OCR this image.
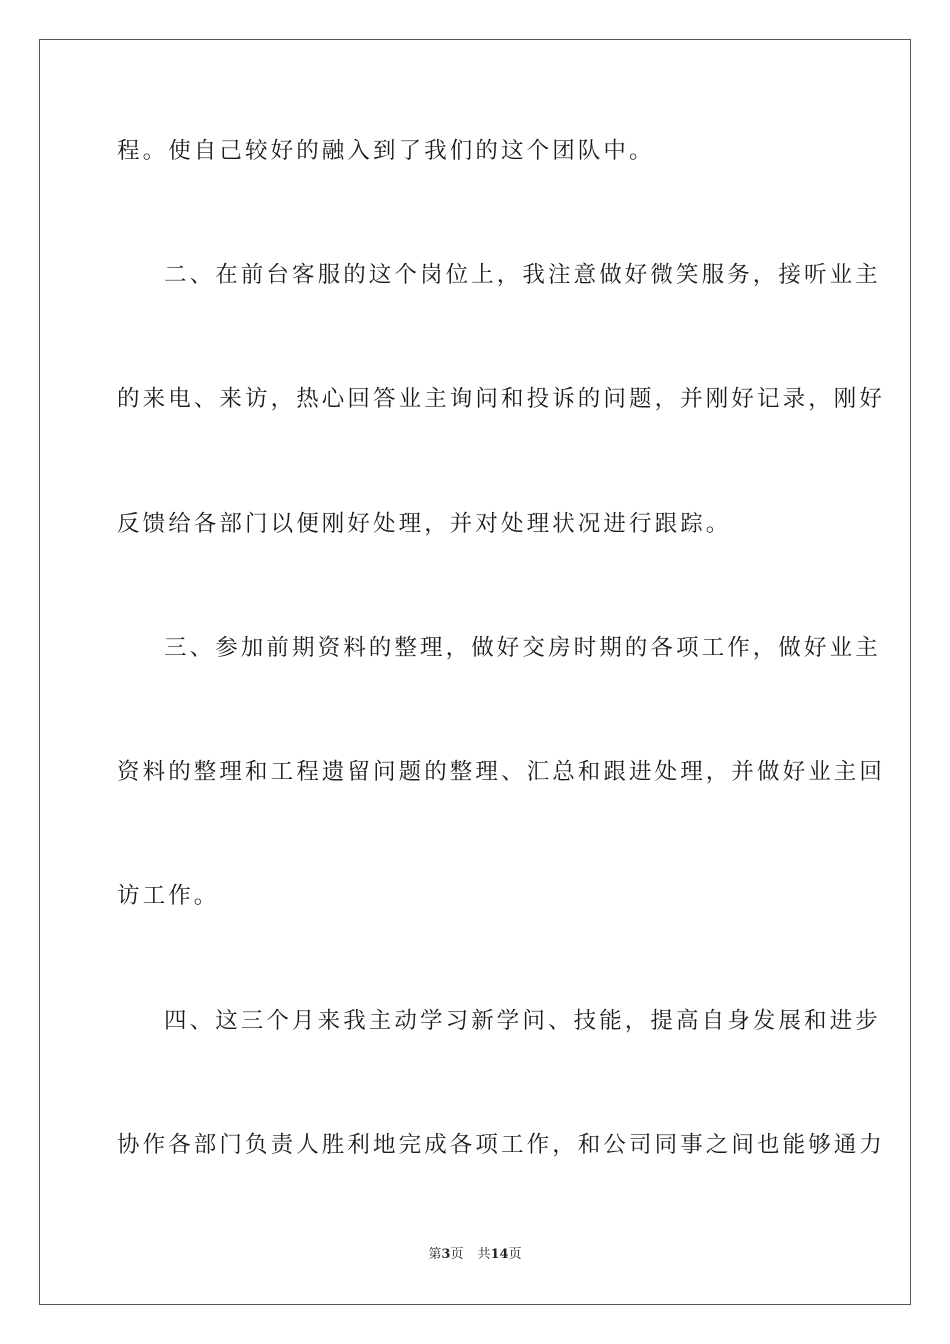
程。使自己较好的融入到了我们的这个团队中。
二、在前台客服的这个岗位上，我注意做好微笑服务，接听业主
的来电、来访，热心回答业主询问和投诉的问题，并刚好记录，刚好
反馈给各部门以便刚好处理，并对处理状况进行跟踪。
三、参加前期资料的整理，做好交房时期的各项工作，做好业主
资料的整理和工程遗留问题的整理、汇总和跟进处理，并做好业主回
访工作。
四、这三个月来我主动学习新学问、技能，提高自身发展和进步
协作各部门负责人胜利地完成各项工作，和公司同事之间也能够通力
第3页 共14页
